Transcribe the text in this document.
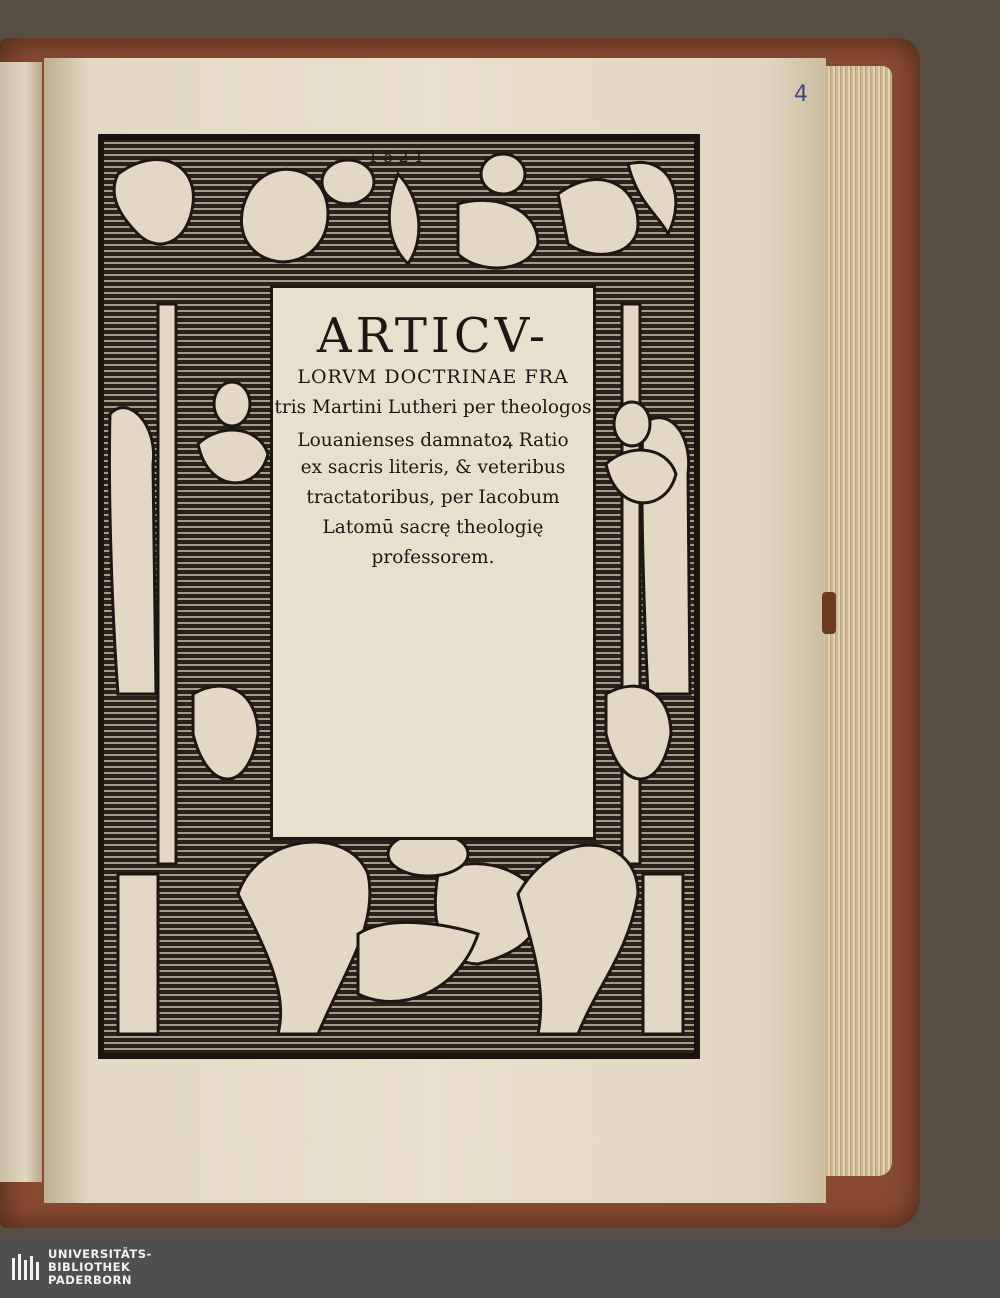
4
1 5 2 1
ARTICV-
LORVM DOCTRINAE FRA
tris Martini Lutheri per theologos
Louanienses damnatoꝝ Ratio
ex sacris literis, & veteribus
tractatoribus, per Iacobum
Latomū sacrę theologię
professorem.
UNIVERSITÄTS-
BIBLIOTHEK
PADERBORN
